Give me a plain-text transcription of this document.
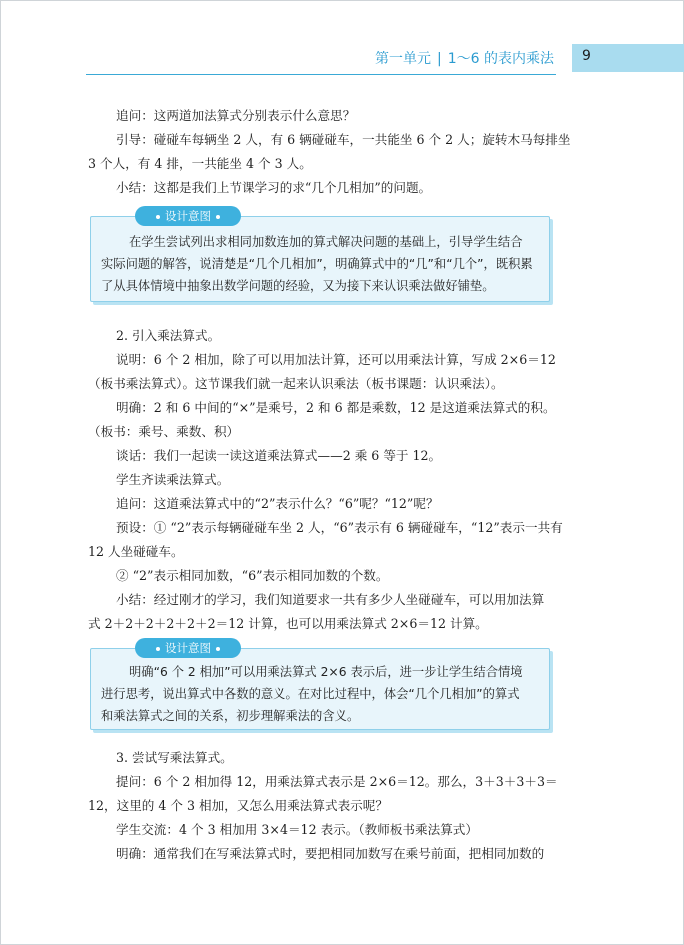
第一单元 | 1～6 的表内乘法 9
追问：这两道加法算式分别表示什么意思？
引导：碰碰车每辆坐 2 人，有 6 辆碰碰车，一共能坐 6 个 2 人；旋转木马每排坐
3 个人，有 4 排，一共能坐 4 个 3 人。
小结：这都是我们上节课学习的求“几个几相加”的问题。
设计意图
在学生尝试列出求相同加数连加的算式解决问题的基础上，引导学生结合
实际问题的解答，说清楚是“几个几相加”，明确算式中的“几”和“几个”，既积累
了从具体情境中抽象出数学问题的经验，又为接下来认识乘法做好铺垫。
2. 引入乘法算式。
说明：6 个 2 相加，除了可以用加法计算，还可以用乘法计算，写成 2×6＝12
（板书乘法算式）。这节课我们就一起来认识乘法（板书课题：认识乘法）。
明确：2 和 6 中间的“×”是乘号，2 和 6 都是乘数，12 是这道乘法算式的积。
（板书：乘号、乘数、积）
谈话：我们一起读一读这道乘法算式——2 乘 6 等于 12。
学生齐读乘法算式。
追问：这道乘法算式中的“2”表示什么？“6”呢？“12”呢？
预设：① “2”表示每辆碰碰车坐 2 人，“6”表示有 6 辆碰碰车，“12”表示一共有
12 人坐碰碰车。
② “2”表示相同加数，“6”表示相同加数的个数。
小结：经过刚才的学习，我们知道要求一共有多少人坐碰碰车，可以用加法算
式 2＋2＋2＋2＋2＋2＝12 计算，也可以用乘法算式 2×6＝12 计算。
设计意图
明确“6 个 2 相加”可以用乘法算式 2×6 表示后，进一步让学生结合情境
进行思考，说出算式中各数的意义。在对比过程中，体会“几个几相加”的算式
和乘法算式之间的关系，初步理解乘法的含义。
3. 尝试写乘法算式。
提问：6 个 2 相加得 12，用乘法算式表示是 2×6＝12。那么，3＋3＋3＋3＝
12，这里的 4 个 3 相加，又怎么用乘法算式表示呢？
学生交流：4 个 3 相加用 3×4＝12 表示。（教师板书乘法算式）
明确：通常我们在写乘法算式时，要把相同加数写在乘号前面，把相同加数的
